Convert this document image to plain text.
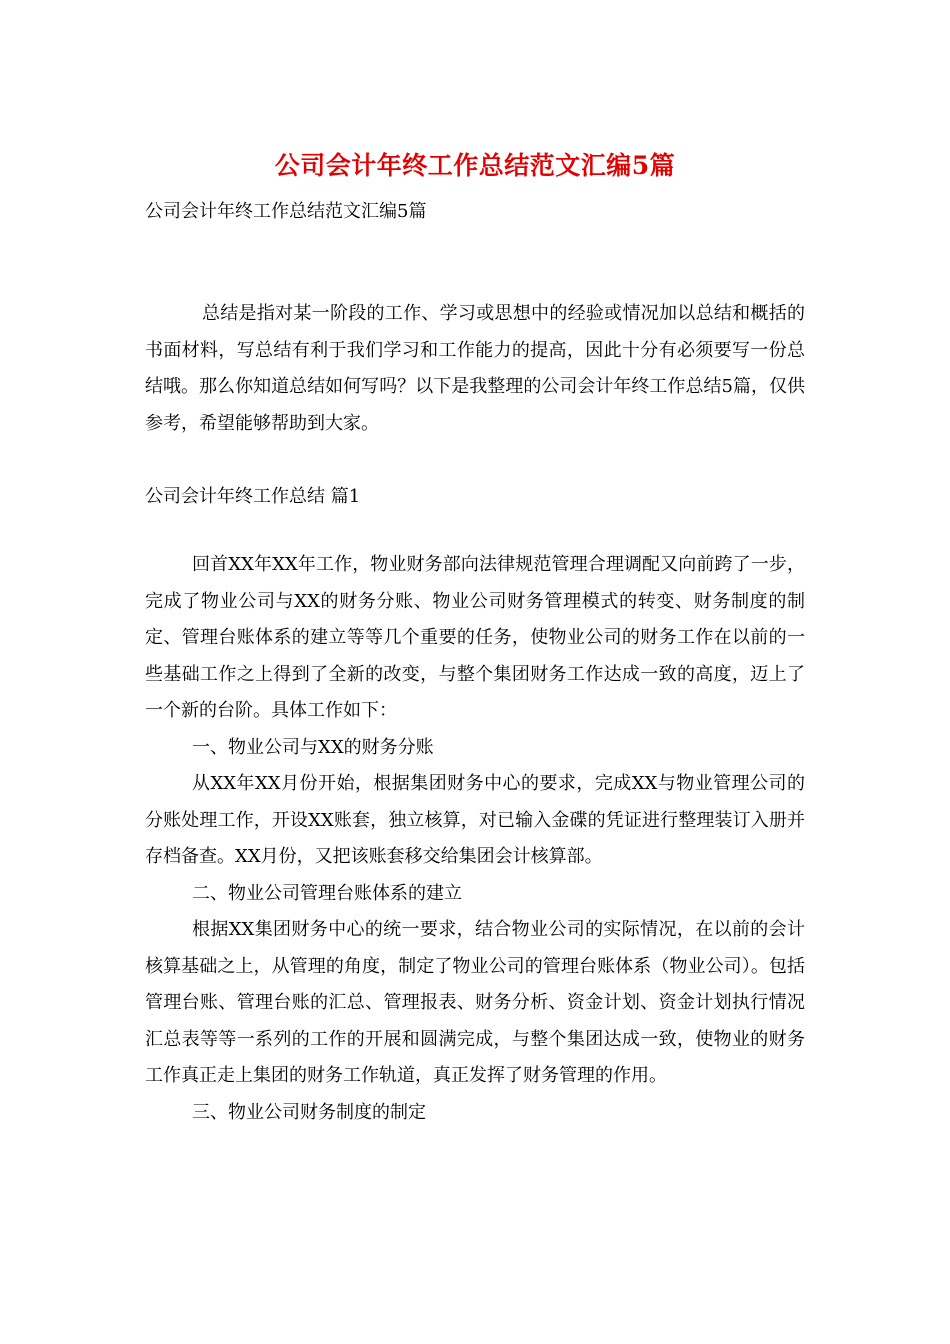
公司会计年终工作总结范文汇编5篇
公司会计年终工作总结范文汇编5篇
总结是指对某一阶段的工作、学习或思想中的经验或情况加以总结和概括的书面材料，写总结有利于我们学习和工作能力的提高，因此十分有必须要写一份总结哦。那么你知道总结如何写吗？以下是我整理的公司会计年终工作总结5篇，仅供参考，希望能够帮助到大家。
公司会计年终工作总结 篇1

回首XX年XX年工作，物业财务部向法律规范管理合理调配又向前跨了一步，完成了物业公司与XX的财务分账、物业公司财务管理模式的转变、财务制度的制定、管理台账体系的建立等等几个重要的任务，使物业公司的财务工作在以前的一些基础工作之上得到了全新的改变，与整个集团财务工作达成一致的高度，迈上了一个新的台阶。具体工作如下：

一、物业公司与XX的财务分账

从XX年XX月份开始，根据集团财务中心的要求，完成XX与物业管理公司的分账处理工作，开设XX账套，独立核算，对已输入金碟的凭证进行整理装订入册并存档备查。XX月份，又把该账套移交给集团会计核算部。

二、物业公司管理台账体系的建立

根据XX集团财务中心的统一要求，结合物业公司的实际情况，在以前的会计核算基础之上，从管理的角度，制定了物业公司的管理台账体系（物业公司）。包括管理台账、管理台账的汇总、管理报表、财务分析、资金计划、资金计划执行情况汇总表等等一系列的工作的开展和圆满完成，与整个集团达成一致，使物业的财务工作真正走上集团的财务工作轨道，真正发挥了财务管理的作用。

三、物业公司财务制度的制定
